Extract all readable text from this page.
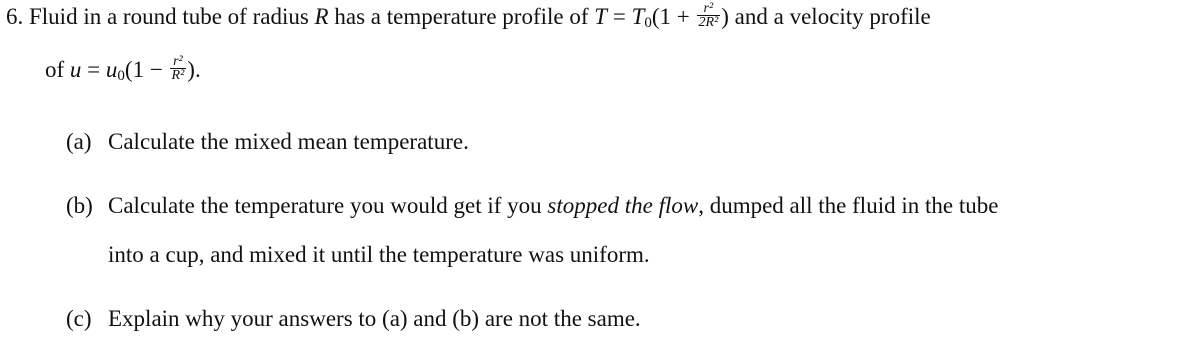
6. Fluid in a round tube of radius R has a temperature profile of $T = T_0(1 + \frac{\text{r²}}{\text{2R²}}$ ) and a velocity profile
of $u = u_0(1 - \frac{\text{r²}}{\text{R²}}$ ).
(a) Calculate the mixed mean temperature.
(b) Calculate the temperature you would get if you stopped the flow, dumped all the fluid in the tube
into a cup, and mixed it until the temperature was uniform.
(c) Explain why your answers to (a) and (b) are not the same.
